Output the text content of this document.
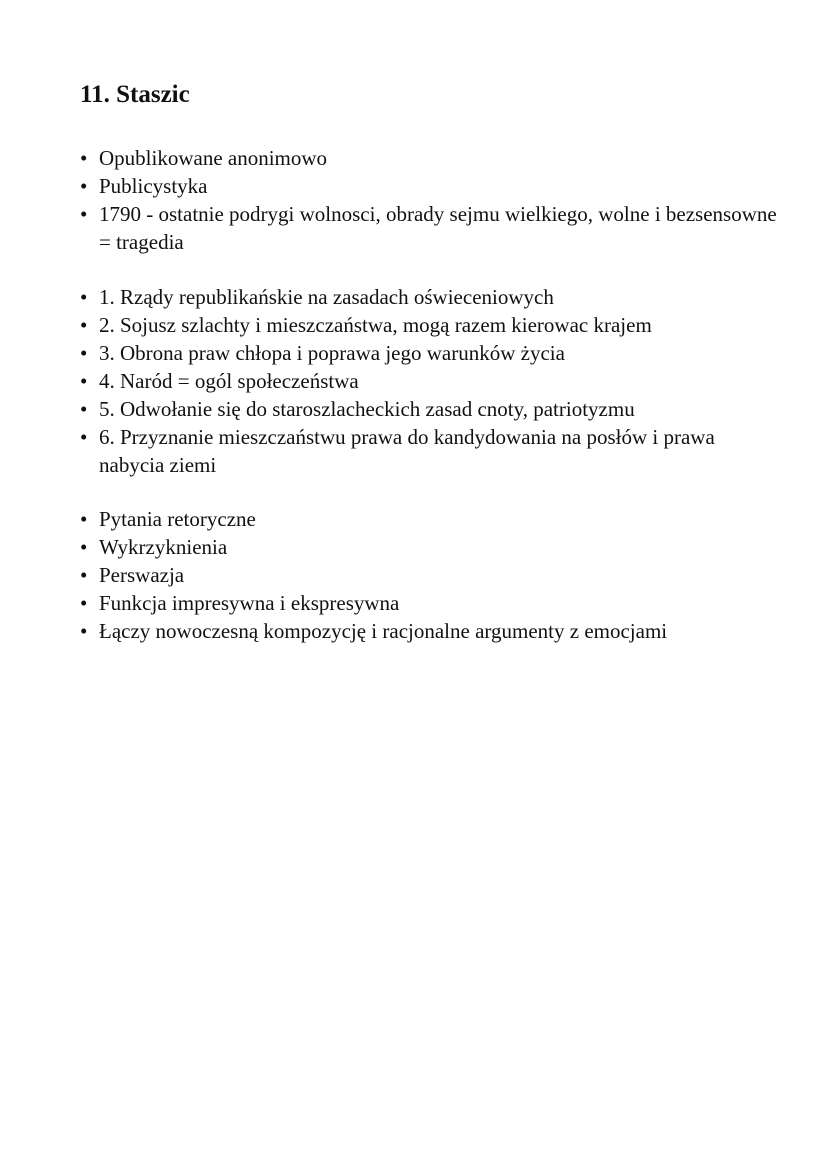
11. Staszic
• Opublikowane anonimowo
• Publicystyka
• 1790 - ostatnie podrygi wolnosci, obrady sejmu wielkiego, wolne i bezsensowne = tragedia
• 1. Rządy republikańskie na zasadach oświeceniowych
• 2. Sojusz szlachty i mieszczaństwa, mogą razem kierowac krajem
• 3. Obrona praw chłopa i poprawa jego warunków życia
• 4. Naród = ogól społeczeństwa
• 5. Odwołanie się do staroszlacheckich zasad cnoty, patriotyzmu
• 6. Przyznanie mieszczaństwu prawa do kandydowania na posłów i prawa nabycia ziemi
• Pytania retoryczne
• Wykrzyknienia
• Perswazja
• Funkcja impresywna i ekspresywna
• Łączy nowoczesną kompozycję i racjonalne argumenty z emocjami
